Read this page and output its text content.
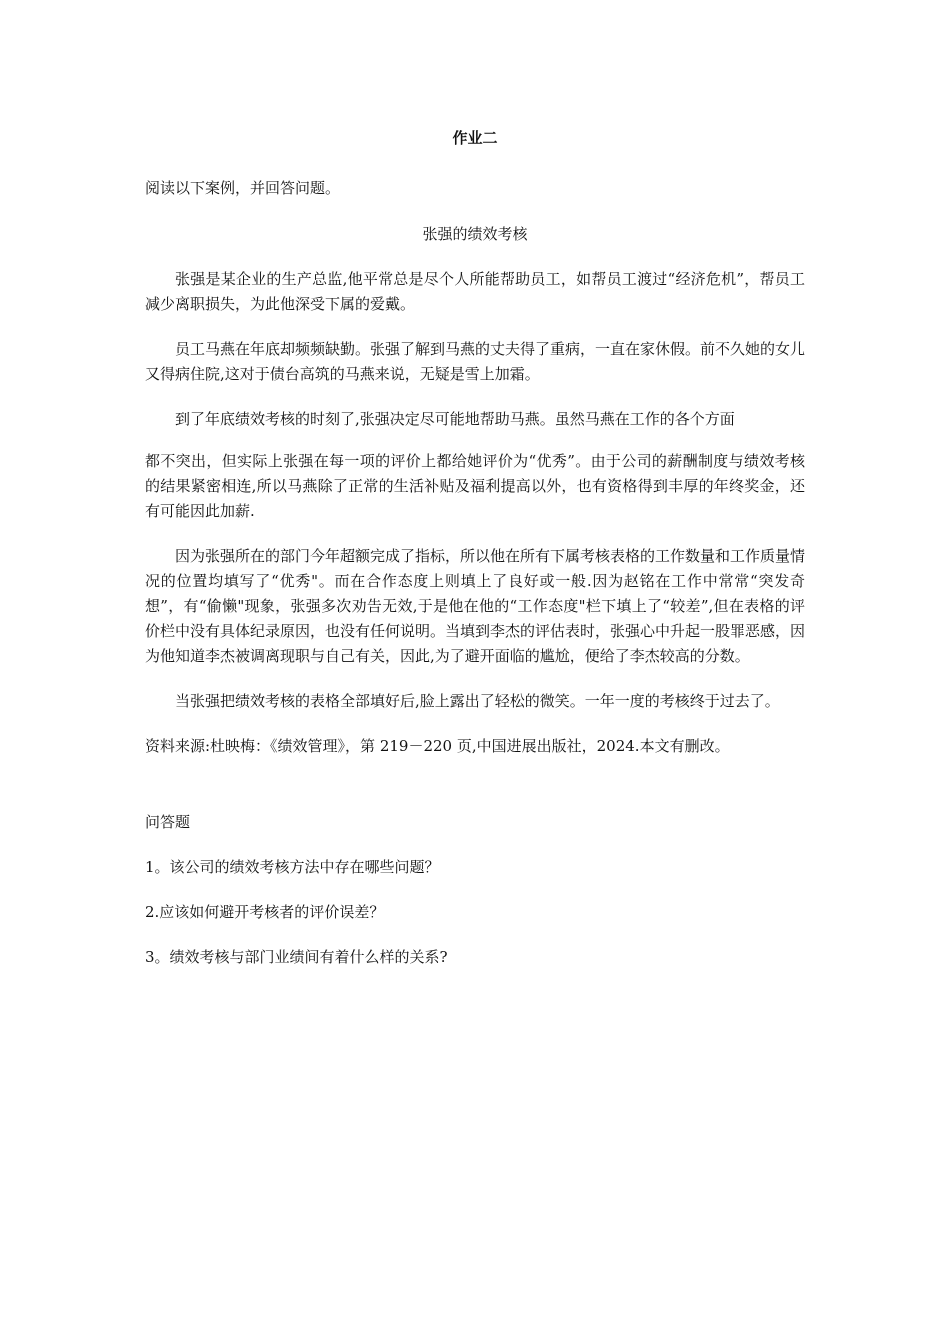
作业二

阅读以下案例，并回答问题。

张强的绩效考核

张强是某企业的生产总监,他平常总是尽个人所能帮助员工，如帮员工渡过“经济危机”，帮员工减少离职损失，为此他深受下属的爱戴。

员工马燕在年底却频频缺勤。张强了解到马燕的丈夫得了重病，一直在家休假。前不久她的女儿又得病住院,这对于债台高筑的马燕来说，无疑是雪上加霜。

到了年底绩效考核的时刻了,张强决定尽可能地帮助马燕。虽然马燕在工作的各个方面

都不突出，但实际上张强在每一项的评价上都给她评价为“优秀”。由于公司的薪酬制度与绩效考核的结果紧密相连,所以马燕除了正常的生活补贴及福利提高以外，也有资格得到丰厚的年终奖金，还有可能因此加薪.

因为张强所在的部门今年超额完成了指标，所以他在所有下属考核表格的工作数量和工作质量情况的位置均填写了“优秀"。而在合作态度上则填上了良好或一般.因为赵铭在工作中常常“突发奇想”，有“偷懒"现象，张强多次劝告无效,于是他在他的“工作态度"栏下填上了“较差”,但在表格的评价栏中没有具体纪录原因，也没有任何说明。当填到李杰的评估表时，张强心中升起一股罪恶感，因为他知道李杰被调离现职与自己有关，因此,为了避开面临的尴尬，便给了李杰较高的分数。

当张强把绩效考核的表格全部填好后,脸上露出了轻松的微笑。一年一度的考核终于过去了。

资料来源:杜映梅：《绩效管理》，第 219－220 页,中国进展出版社，2024.本文有删改。

问答题

1。该公司的绩效考核方法中存在哪些问题？

2.应该如何避开考核者的评价误差？

3。绩效考核与部门业绩间有着什么样的关系?
